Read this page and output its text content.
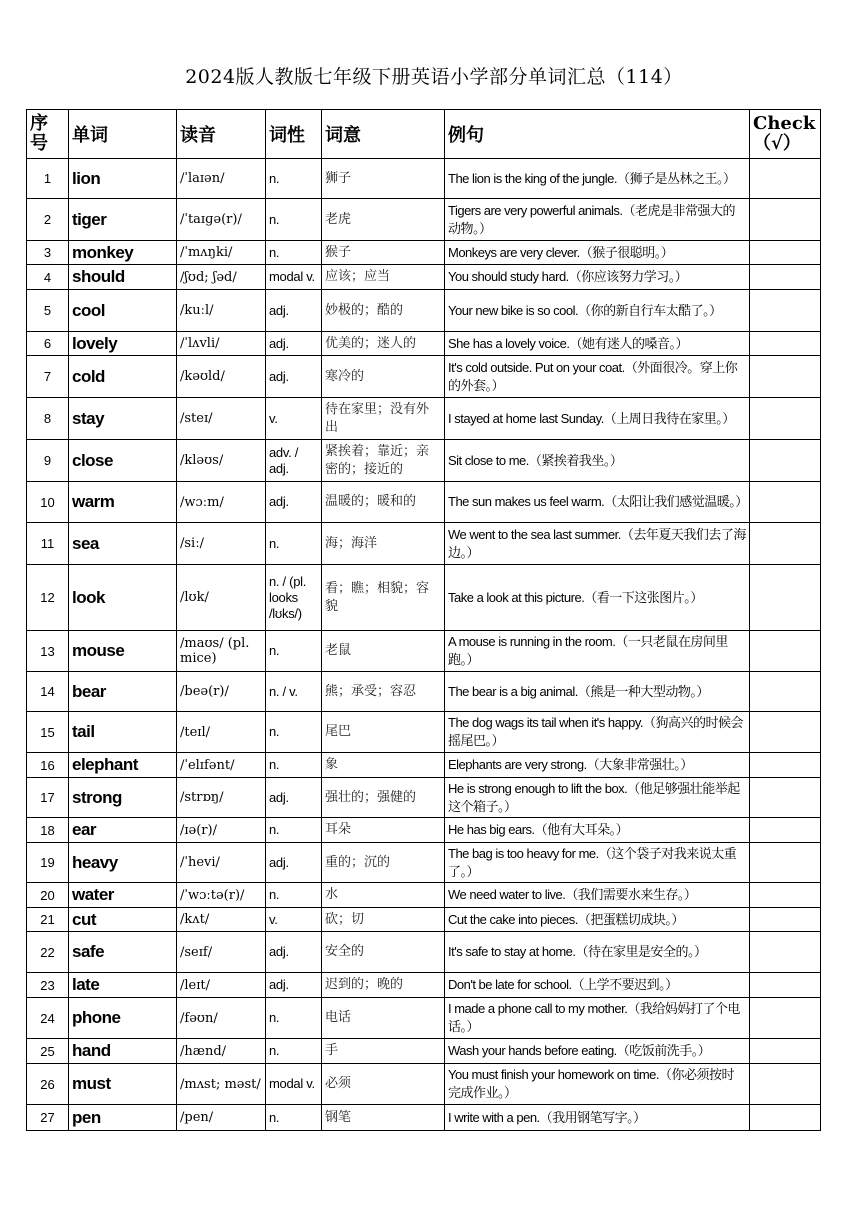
2024版人教版七年级下册英语小学部分单词汇总（114）
序号	单词	读音	词性	词意	例句	Check（√）
1	lion	/ˈlaɪən/	n.	狮子	The lion is the king of the jungle.（狮子是丛林之王。）	
2	tiger	/ˈtaɪɡə(r)/	n.	老虎	Tigers are very powerful animals.（老虎是非常强大的动物。）	
3	monkey	/ˈmʌŋki/	n.	猴子	Monkeys are very clever.（猴子很聪明。）	
4	should	/ʃʊd; ʃəd/	modal v.	应该；应当	You should study hard.（你应该努力学习。）	
5	cool	/kuːl/	adj.	妙极的；酷的	Your new bike is so cool.（你的新自行车太酷了。）	
6	lovely	/ˈlʌvli/	adj.	优美的；迷人的	She has a lovely voice.（她有迷人的嗓音。）	
7	cold	/kəʊld/	adj.	寒冷的	It's cold outside. Put on your coat.（外面很冷。穿上你的外套。）	
8	stay	/steɪ/	v.	待在家里；没有外出	I stayed at home last Sunday.（上周日我待在家里。）	
9	close	/kləʊs/	adv. / adj.	紧挨着；靠近；亲密的；接近的	Sit close to me.（紧挨着我坐。）	
10	warm	/wɔːm/	adj.	温暖的；暖和的	The sun makes us feel warm.（太阳让我们感觉温暖。）	
11	sea	/siː/	n.	海；海洋	We went to the sea last summer.（去年夏天我们去了海边。）	
12	look	/lʊk/	n. / (pl. looks /lʊks/)	看；瞧；相貌；容貌	Take a look at this picture.（看一下这张图片。）	
13	mouse	/maʊs/ (pl. mice)	n.	老鼠	A mouse is running in the room.（一只老鼠在房间里跑。）	
14	bear	/beə(r)/	n. / v.	熊；承受；容忍	The bear is a big animal.（熊是一种大型动物。）	
15	tail	/teɪl/	n.	尾巴	The dog wags its tail when it's happy.（狗高兴的时候会摇尾巴。）	
16	elephant	/ˈelɪfənt/	n.	象	Elephants are very strong.（大象非常强壮。）	
17	strong	/strɒŋ/	adj.	强壮的；强健的	He is strong enough to lift the box.（他足够强壮能举起这个箱子。）	
18	ear	/ɪə(r)/	n.	耳朵	He has big ears.（他有大耳朵。）	
19	heavy	/ˈhevi/	adj.	重的；沉的	The bag is too heavy for me.（这个袋子对我来说太重了。）	
20	water	/ˈwɔːtə(r)/	n.	水	We need water to live.（我们需要水来生存。）	
21	cut	/kʌt/	v.	砍；切	Cut the cake into pieces.（把蛋糕切成块。）	
22	safe	/seɪf/	adj.	安全的	It's safe to stay at home.（待在家里是安全的。）	
23	late	/leɪt/	adj.	迟到的；晚的	Don't be late for school.（上学不要迟到。）	
24	phone	/fəʊn/	n.	电话	I made a phone call to my mother.（我给妈妈打了个电话。）	
25	hand	/hænd/	n.	手	Wash your hands before eating.（吃饭前洗手。）	
26	must	/mʌst; məst/	modal v.	必须	You must finish your homework on time.（你必须按时完成作业。）	
27	pen	/pen/	n.	钢笔	I write with a pen.（我用钢笔写字。）	
